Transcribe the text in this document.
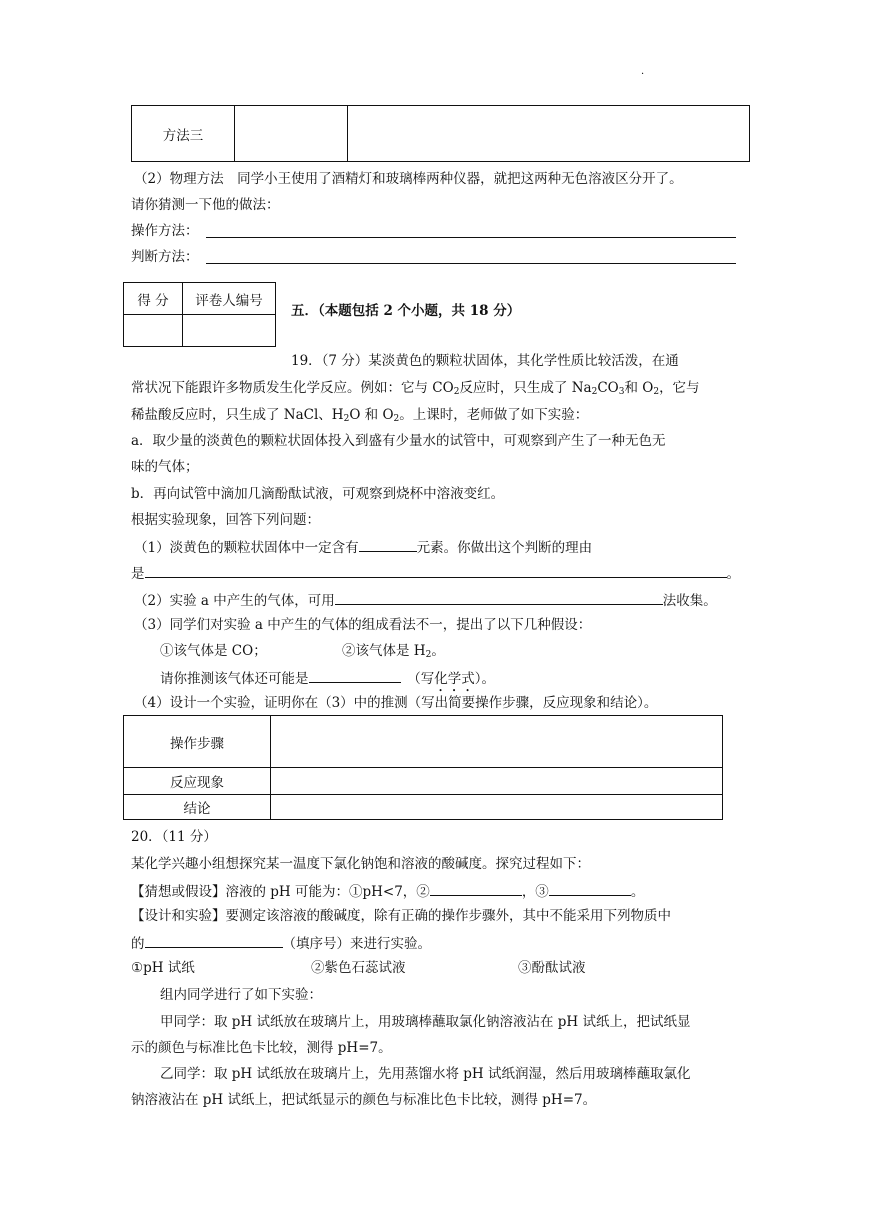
·
方法三		
（2）物理方法　同学小王使用了酒精灯和玻璃棒两种仪器，就把这两种无色溶液区分开了。
请你猜测一下他的做法：
操作方法：
判断方法：
得 分	评卷人编号

五．（本题包括 2 个小题，共 18 分）
19．（7 分）某淡黄色的颗粒状固体，其化学性质比较活泼，在通
常状况下能跟许多物质发生化学反应。例如：它与 $CO_2$反应时，只生成了 $Na_2CO_3$和 $O_2$，它与
稀盐酸反应时，只生成了 NaCl、$H_2O$ 和 $O_2$。上课时，老师做了如下实验：
a．取少量的淡黄色的颗粒状固体投入到盛有少量水的试管中，可观察到产生了一种无色无
味的气体；
b．再向试管中滴加几滴酚酞试液，可观察到烧杯中溶液变红。
根据实验现象，回答下列问题：
（1）淡黄色的颗粒状固体中一定含有	元素。你做出这个判断的理由
是	。
（2）实验 a 中产生的气体，可用	法收集。
（3）同学们对实验 a 中产生的气体的组成看法不一，提出了以下几种假设：
①该气体是 CO；	②该气体是 $H_2$。
请你推测该气体还可能是　	（写化学式）。
（4）设计一个实验，证明你在（3）中的推测（写出简要操作步骤，反应现象和结论）。
操作步骤	
反应现象	
结论	
20．（11 分）
某化学兴趣小组想探究某一温度下氯化钠饱和溶液的酸碱度。探究过程如下：
【猜想或假设】溶液的 pH 可能为：①pH<7，②	，③	。
【设计和实验】要测定该溶液的酸碱度，除有正确的操作步骤外，其中不能采用下列物质中
的	（填序号）来进行实验。
①pH 试纸	②紫色石蕊试液	③酚酞试液
组内同学进行了如下实验：
甲同学：取 pH 试纸放在玻璃片上，用玻璃棒蘸取氯化钠溶液沾在 pH 试纸上，把试纸显
示的颜色与标准比色卡比较，测得 pH=7。
乙同学：取 pH 试纸放在玻璃片上，先用蒸馏水将 pH 试纸润湿，然后用玻璃棒蘸取氯化
钠溶液沾在 pH 试纸上，把试纸显示的颜色与标准比色卡比较，测得 pH=7。
